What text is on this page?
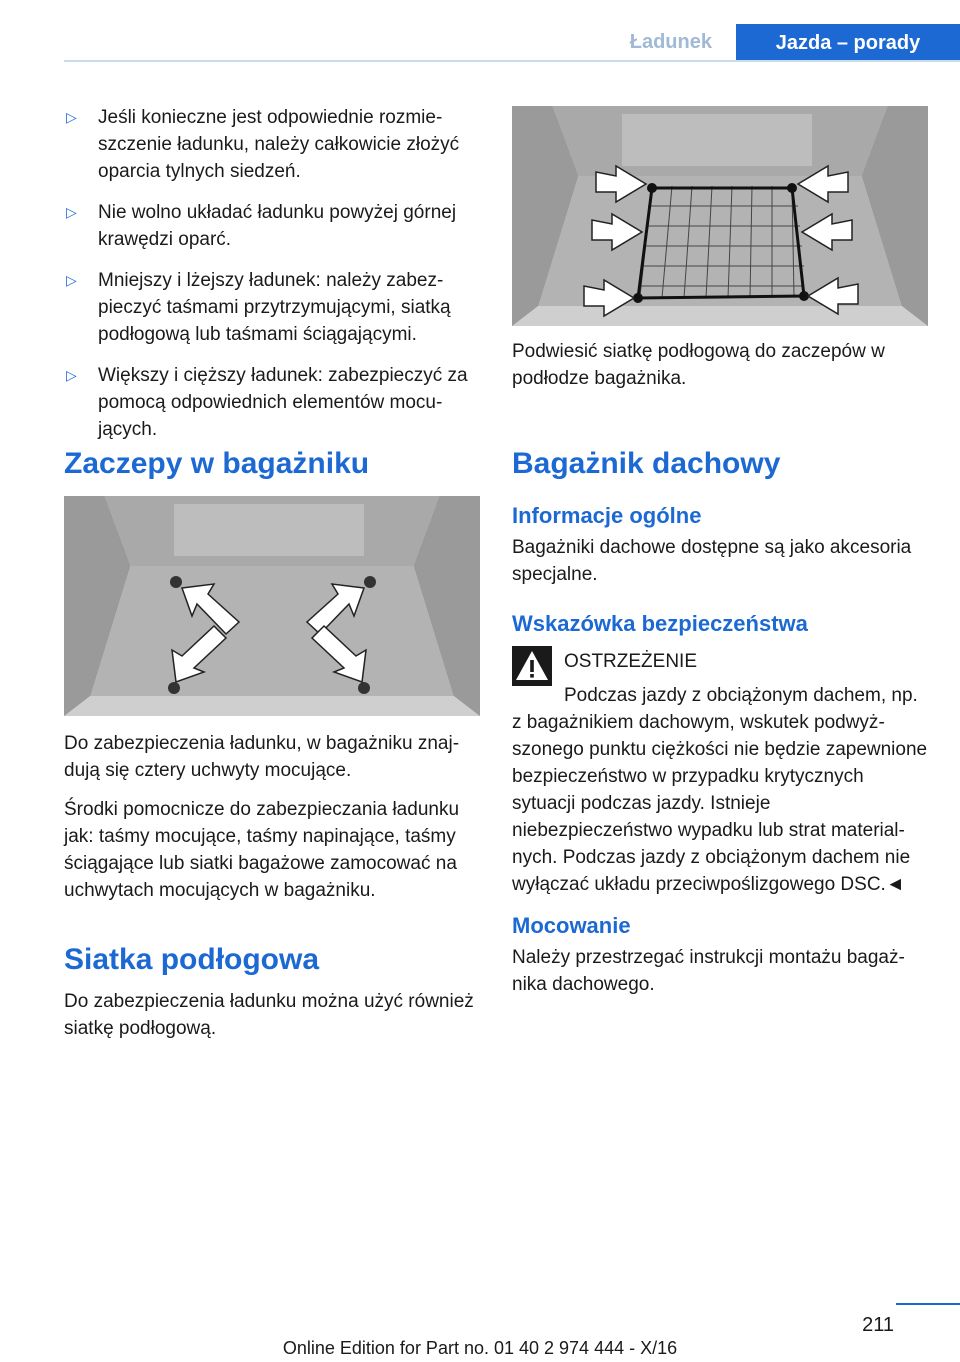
Ładunek	Jazda – porady
▷	Jeśli konieczne jest odpowiednie rozmieszczenie ładunku, należy całkowicie złożyć oparcia tylnych siedzeń.
▷	Nie wolno układać ładunku powyżej górnej krawędzi oparć.
▷	Mniejszy i lżejszy ładunek: należy zabezpieczyć taśmami przytrzymującymi, siatką podłogową lub taśmami ściągającymi.
▷	Większy i cięższy ładunek: zabezpieczyć za pomocą odpowiednich elementów mocujących.
Zaczepy w bagażniku

Do zabezpieczenia ładunku, w bagażniku znajdują się cztery uchwyty mocujące.

Środki pomocnicze do zabezpieczania ładunku jak: taśmy mocujące, taśmy napinające, taśmy ściągające lub siatki bagażowe zamocować na uchwytach mocujących w bagażniku.

Siatka podłogowa

Do zabezpieczenia ładunku można użyć również siatkę podłogową.

Podwiesić siatkę podłogową do zaczepów w podłodze bagażnika.

Bagażnik dachowy
Informacje ogólne

Bagażniki dachowe dostępne są jako akcesoria specjalne.

Wskazówka bezpieczeństwa
OSTRZEŻENIE

Podczas jazdy z obciążonym dachem, np. z bagażnikiem dachowym, wskutek podwyższonego punktu ciężkości nie będzie zapewnione bezpieczeństwo w przypadku krytycznych sytuacji podczas jazdy. Istnieje niebezpieczeństwo wypadku lub strat materialnych. Podczas jazdy z obciążonym dachem nie wyłączać układu przeciwpoślizgowego DSC.◄

Mocowanie

Należy przestrzegać instrukcji montażu bagażnika dachowego.

211
Online Edition for Part no. 01 40 2 974 444 - X/16
